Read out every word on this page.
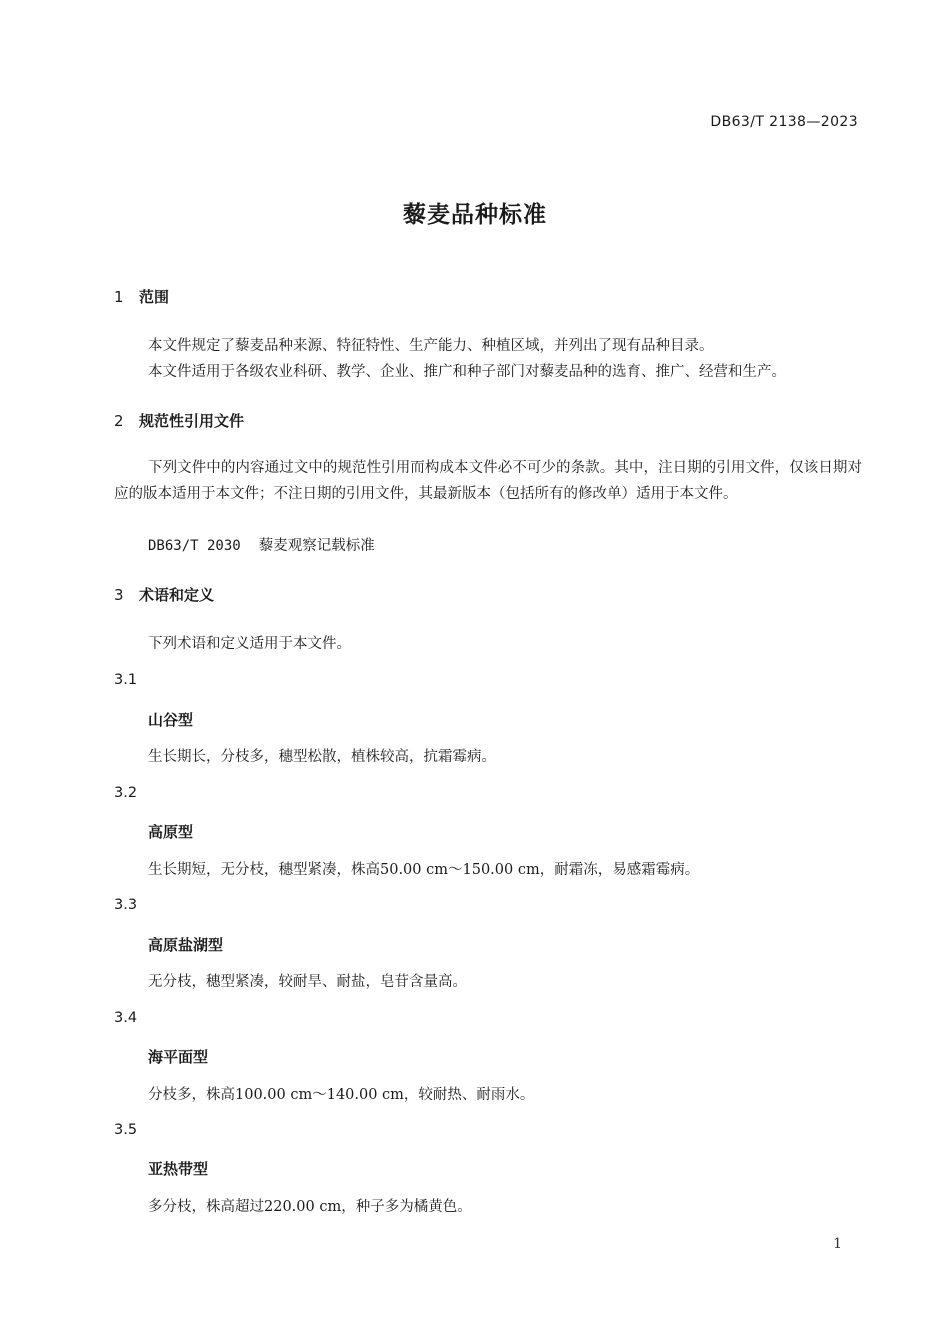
DB63/T 2138—2023
藜麦品种标准
1 范围
本文件规定了藜麦品种来源、特征特性、生产能力、种植区域，并列出了现有品种目录。
本文件适用于各级农业科研、教学、企业、推广和种子部门对藜麦品种的选育、推广、经营和生产。
2 规范性引用文件
下列文件中的内容通过文中的规范性引用而构成本文件必不可少的条款。其中，注日期的引用文件，仅该日期对应的版本适用于本文件；不注日期的引用文件，其最新版本（包括所有的修改单）适用于本文件。
DB63/T 2030 藜麦观察记载标准
3 术语和定义
下列术语和定义适用于本文件。
3.1
山谷型
生长期长，分枝多，穗型松散，植株较高，抗霜霉病。
3.2
高原型
生长期短，无分枝，穗型紧凑，株高50.00 cm～150.00 cm，耐霜冻，易感霜霉病。
3.3
高原盐湖型
无分枝，穗型紧凑，较耐旱、耐盐，皂苷含量高。
3.4
海平面型
分枝多，株高100.00 cm～140.00 cm，较耐热、耐雨水。
3.5
亚热带型
多分枝，株高超过220.00 cm，种子多为橘黄色。
1
